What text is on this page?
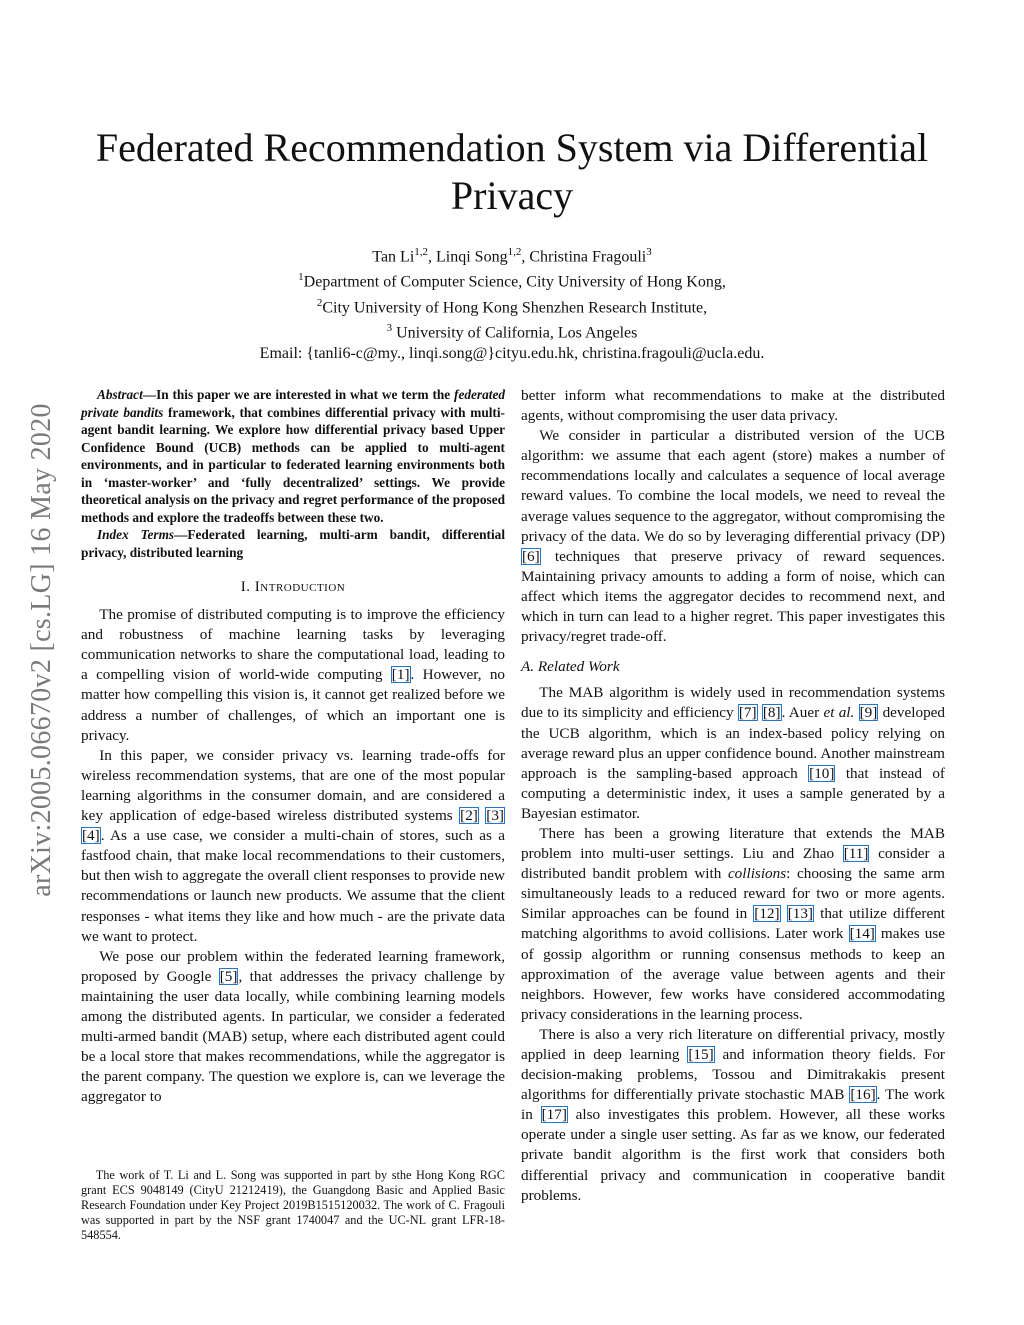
arXiv:2005.06670v2 [cs.LG] 16 May 2020
Federated Recommendation System via Differential Privacy
Tan Li$^{1,2}$, Linqi Song$^{1,2}$, Christina Fragouli$^3$
$^1$Department of Computer Science, City University of Hong Kong,
$^2$City University of Hong Kong Shenzhen Research Institute,
$^3$ University of California, Los Angeles
Email: {tanli6-c@my., linqi.song@}cityu.edu.hk, christina.fragouli@ucla.edu.

Abstract—In this paper we are interested in what we term the federated private bandits framework, that combines differential privacy with multi-agent bandit learning. We explore how differential privacy based Upper Confidence Bound (UCB) methods can be applied to multi-agent environments, and in particular to federated learning environments both in ‘master-worker’ and ‘fully decentralized’ settings. We provide theoretical analysis on the privacy and regret performance of the proposed methods and explore the tradeoffs between these two.

Index Terms—Federated learning, multi-arm bandit, differential privacy, distributed learning

I. Introduction

The promise of distributed computing is to improve the efficiency and robustness of machine learning tasks by leveraging communication networks to share the computational load, leading to a compelling vision of world-wide computing [1]. However, no matter how compelling this vision is, it cannot get realized before we address a number of challenges, of which an important one is privacy.

In this paper, we consider privacy vs. learning trade-offs for wireless recommendation systems, that are one of the most popular learning algorithms in the consumer domain, and are considered a key application of edge-based wireless distributed systems [2] [3] [4]. As a use case, we consider a multi-chain of stores, such as a fastfood chain, that make local recommendations to their customers, but then wish to aggregate the overall client responses to provide new recommendations or launch new products. We assume that the client responses - what items they like and how much - are the private data we want to protect.

We pose our problem within the federated learning framework, proposed by Google [5], that addresses the privacy challenge by maintaining the user data locally, while combining learning models among the distributed agents. In particular, we consider a federated multi-armed bandit (MAB) setup, where each distributed agent could be a local store that makes recommendations, while the aggregator is the parent company. The question we explore is, can we leverage the aggregator to

The work of T. Li and L. Song was supported in part by sthe Hong Kong RGC grant ECS 9048149 (CityU 21212419), the Guangdong Basic and Applied Basic Research Foundation under Key Project 2019B1515120032. The work of C. Fragouli was supported in part by the NSF grant 1740047 and the UC-NL grant LFR-18-548554.

better inform what recommendations to make at the distributed agents, without compromising the user data privacy.

We consider in particular a distributed version of the UCB algorithm: we assume that each agent (store) makes a number of recommendations locally and calculates a sequence of local average reward values. To combine the local models, we need to reveal the average values sequence to the aggregator, without compromising the privacy of the data. We do so by leveraging differential privacy (DP) [6] techniques that preserve privacy of reward sequences. Maintaining privacy amounts to adding a form of noise, which can affect which items the aggregator decides to recommend next, and which in turn can lead to a higher regret. This paper investigates this privacy/regret trade-off.

A. Related Work

The MAB algorithm is widely used in recommendation systems due to its simplicity and efficiency [7] [8]. Auer et al. [9] developed the UCB algorithm, which is an index-based policy relying on average reward plus an upper confidence bound. Another mainstream approach is the sampling-based approach [10] that instead of computing a deterministic index, it uses a sample generated by a Bayesian estimator.

There has been a growing literature that extends the MAB problem into multi-user settings. Liu and Zhao [11] consider a distributed bandit problem with collisions: choosing the same arm simultaneously leads to a reduced reward for two or more agents. Similar approaches can be found in [12] [13] that utilize different matching algorithms to avoid collisions. Later work [14] makes use of gossip algorithm or running consensus methods to keep an approximation of the average value between agents and their neighbors. However, few works have considered accommodating privacy considerations in the learning process.

There is also a very rich literature on differential privacy, mostly applied in deep learning [15] and information theory fields. For decision-making problems, Tossou and Dimitrakakis present algorithms for differentially private stochastic MAB [16]. The work in [17] also investigates this problem. However, all these works operate under a single user setting. As far as we know, our federated private bandit algorithm is the first work that considers both differential privacy and communication in cooperative bandit problems.
